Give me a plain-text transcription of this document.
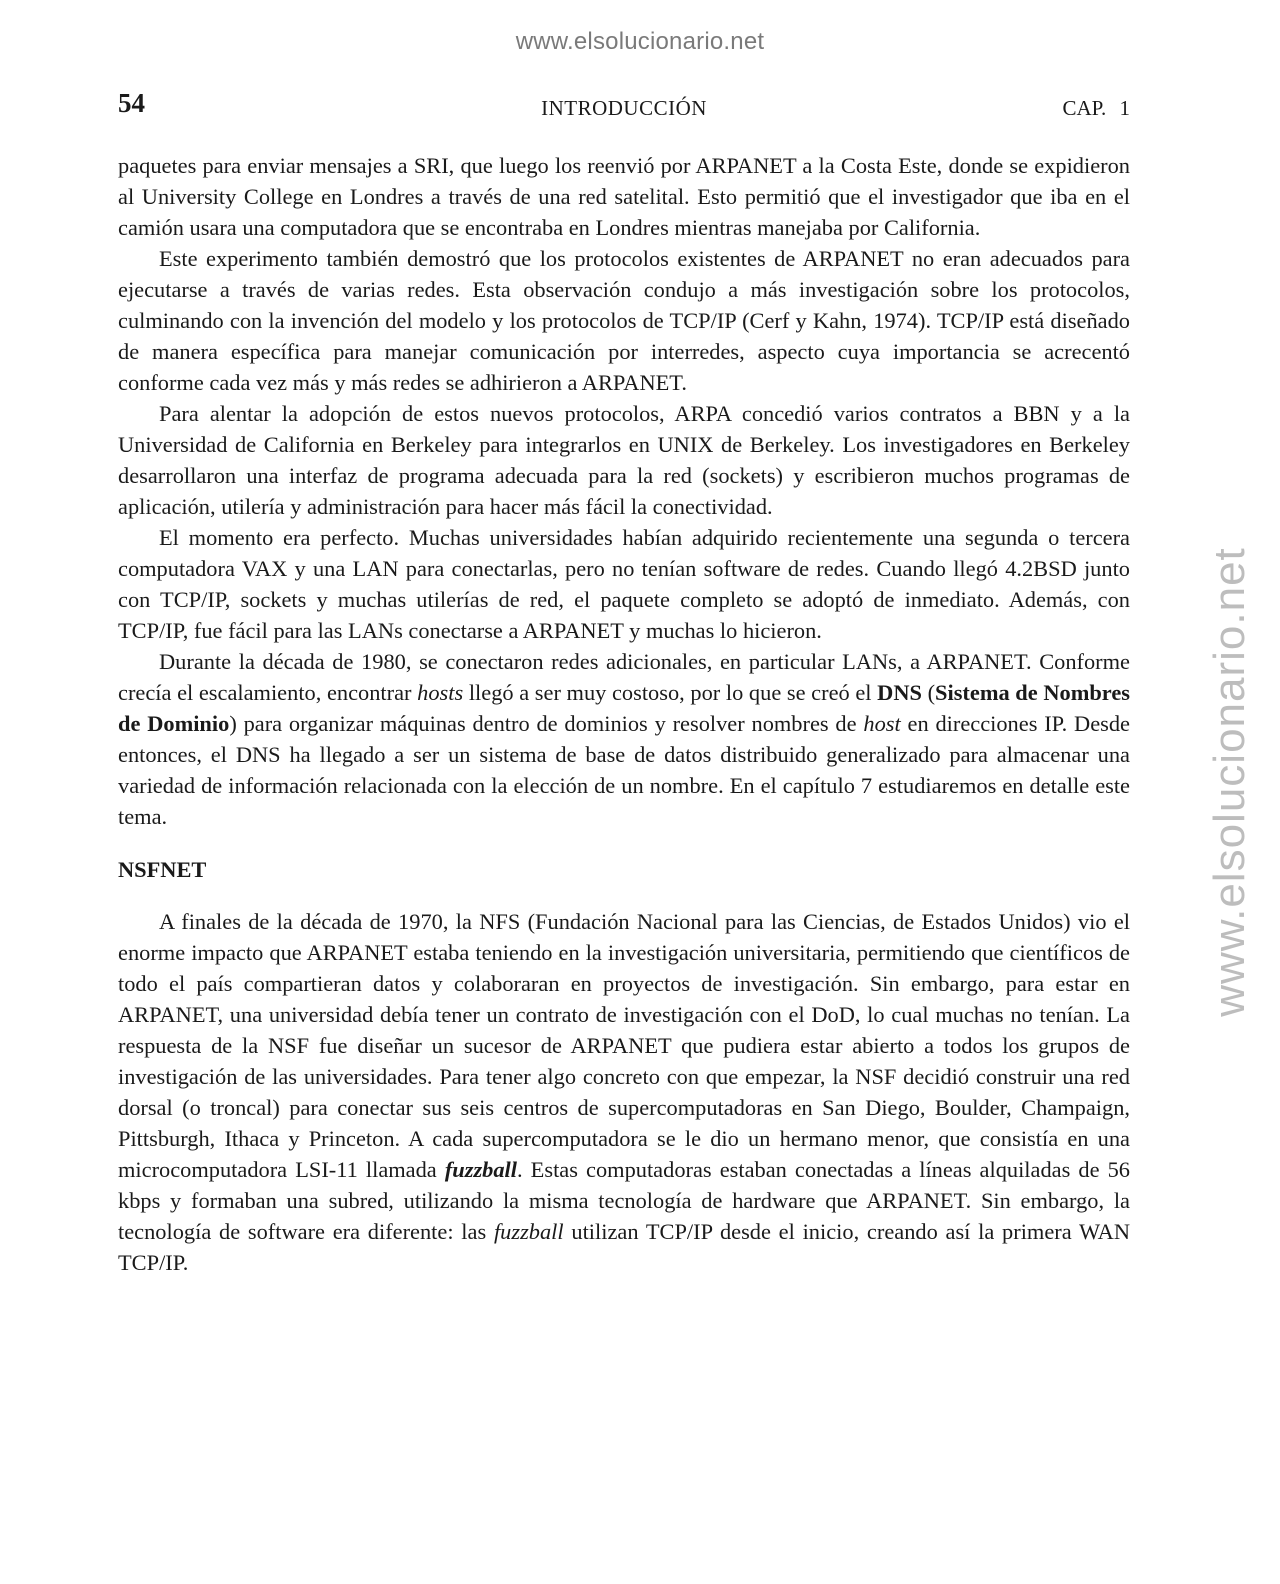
www.elsolucionario.net
www.elsolucionario.net
54	INTRODUCCIÓN	CAP. 1

paquetes para enviar mensajes a SRI, que luego los reenvió por ARPANET a la Costa Este, donde se expidieron al University College en Londres a través de una red satelital. Esto permitió que el investigador que iba en el camión usara una computadora que se encontraba en Londres mientras manejaba por California.

Este experimento también demostró que los protocolos existentes de ARPANET no eran adecuados para ejecutarse a través de varias redes. Esta observación condujo a más investigación sobre los protocolos, culminando con la invención del modelo y los protocolos de TCP/IP (Cerf y Kahn, 1974). TCP/IP está diseñado de manera específica para manejar comunicación por interredes, aspecto cuya importancia se acrecentó conforme cada vez más y más redes se adhirieron a ARPANET.

Para alentar la adopción de estos nuevos protocolos, ARPA concedió varios contratos a BBN y a la Universidad de California en Berkeley para integrarlos en UNIX de Berkeley. Los investigadores en Berkeley desarrollaron una interfaz de programa adecuada para la red (sockets) y escribieron muchos programas de aplicación, utilería y administración para hacer más fácil la conectividad.

El momento era perfecto. Muchas universidades habían adquirido recientemente una segunda o tercera computadora VAX y una LAN para conectarlas, pero no tenían software de redes. Cuando llegó 4.2BSD junto con TCP/IP, sockets y muchas utilerías de red, el paquete completo se adoptó de inmediato. Además, con TCP/IP, fue fácil para las LANs conectarse a ARPANET y muchas lo hicieron.

Durante la década de 1980, se conectaron redes adicionales, en particular LANs, a ARPANET. Conforme crecía el escalamiento, encontrar hosts llegó a ser muy costoso, por lo que se creó el DNS (Sistema de Nombres de Dominio) para organizar máquinas dentro de dominios y resolver nombres de host en direcciones IP. Desde entonces, el DNS ha llegado a ser un sistema de base de datos distribuido generalizado para almacenar una variedad de información relacionada con la elección de un nombre. En el capítulo 7 estudiaremos en detalle este tema.

NSFNET

A finales de la década de 1970, la NFS (Fundación Nacional para las Ciencias, de Estados Unidos) vio el enorme impacto que ARPANET estaba teniendo en la investigación universitaria, permitiendo que científicos de todo el país compartieran datos y colaboraran en proyectos de investigación. Sin embargo, para estar en ARPANET, una universidad debía tener un contrato de investigación con el DoD, lo cual muchas no tenían. La respuesta de la NSF fue diseñar un sucesor de ARPANET que pudiera estar abierto a todos los grupos de investigación de las universidades. Para tener algo concreto con que empezar, la NSF decidió construir una red dorsal (o troncal) para conectar sus seis centros de supercomputadoras en San Diego, Boulder, Champaign, Pittsburgh, Ithaca y Princeton. A cada supercomputadora se le dio un hermano menor, que consistía en una microcomputadora LSI-11 llamada fuzzball. Estas computadoras estaban conectadas a líneas alquiladas de 56 kbps y formaban una subred, utilizando la misma tecnología de hardware que ARPANET. Sin embargo, la tecnología de software era diferente: las fuzzball utilizan TCP/IP desde el inicio, creando así la primera WAN TCP/IP.
